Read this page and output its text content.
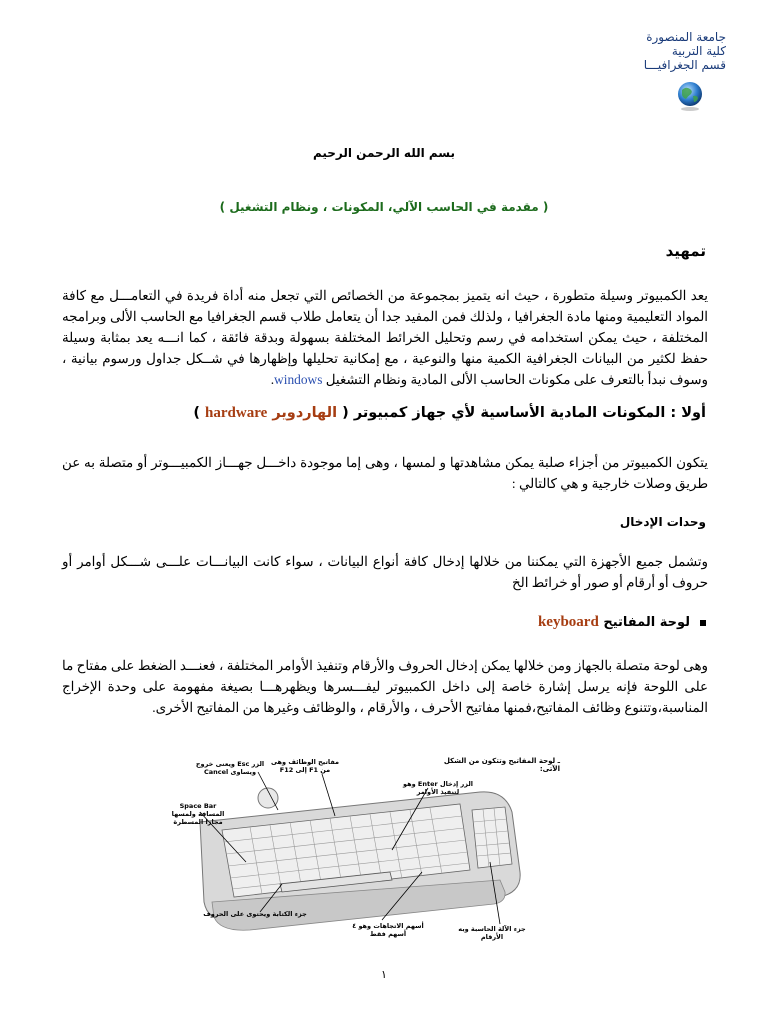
جامعة المنصورة
كلية التربية
قسم الجغرافيـــا
بسم الله الرحمن الرحيم
( مقدمة في الحاسب الآلي، المكونات ، ونظام التشغيل )
تمهيد
يعد الكمبيوتر وسيلة متطورة ، حيث انه يتميز بمجموعة من الخصائص التي تجعل منه أداة فريدة في التعامـــل مع كافة المواد التعليمية ومنها مادة الجغرافيا ، ولذلك فمن المفيد جدا أن يتعامل طلاب قسم الجغرافيا مع الحاسب الألى وبرامجه المختلفة ، حيث يمكن استخدامه في رسم وتحليل الخرائط المختلفة بسهولة وبدقة فائقة ، كما انـــه يعد بمثابة وسيلة حفظ لكثير من البيانات الجغرافية الكمية منها والنوعية ، مع إمكانية تحليلها وإظهارها في شــكل جداول ورسوم بيانية ، وسوف نبدأ بالتعرف على مكونات الحاسب الألى المادية ونظام التشغيل windows.
أولا : المكونات المادية الأساسية لأي جهاز كمبيوتر ( الهاردوير hardware )
يتكون الكمبيوتر من أجزاء صلبة يمكن مشاهدتها و لمسها ، وهى إما موجودة داخـــل جهـــاز الكمبيـــوتر أو متصلة به عن طريق وصلات خارجية و هي كالتالي :
وحدات الإدخال
وتشمل جميع الأجهزة التي يمكننا من خلالها إدخال كافة أنواع البيانات ، سواء كانت البيانـــات علـــى شـــكل أوامر أو حروف أو أرقام أو صور أو خرائط الخ
لوحة المفاتيح keyboard
وهى لوحة متصلة بالجهاز ومن خلالها يمكن إدخال الحروف والأرقام وتنفيذ الأوامر المختلفة ، فعنـــد الضغط على مفتاح ما على اللوحة فإنه يرسل إشارة خاصة إلى داخل الكمبيوتر ليفـــسرها ويظهرهـــا بصيغة مفهومة على وحدة الإخراج المناسبة،وتتنوع وظائف المفاتيح،فمنها مفاتيح الأحرف ، والأرقام ، والوظائف وغيرها من المفاتيح الأخرى.
ـ لوحة المفاتيح وتتكون من الشكل الآتى:
الزر Esc ويعنى خروج ويساوى Cancel
مفاتيح الوظائف وهى من F1 إلى F12
الزر إدخال Enter وهو لتنفيذ الأوامر
Space Bar المسافة ولمسها مجازا المسطرة
جزء الكتابة ويحتوى على الحروف
أسهم الاتجاهات وهو ٤ أسهم فقط
جزء الآلة الحاسبة وبه الأرقام
١
